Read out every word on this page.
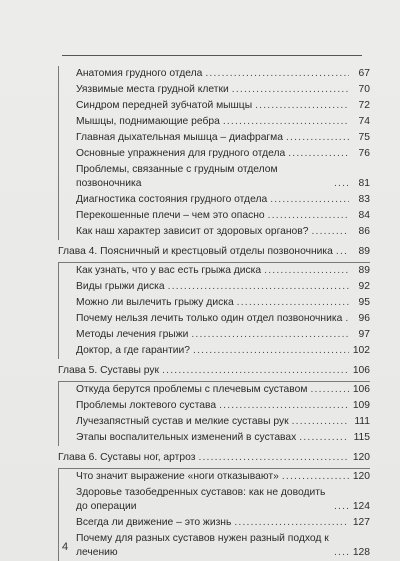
Анатомия грудного отдела .....	67
Уязвимые места грудной клетки .....	70
Синдром передней зубчатой мышцы .....	72
Мышцы, поднимающие ребра .....	74
Главная дыхательная мышца – диафрагма .....	75
Основные упражнения для грудного отдела .....	76
Проблемы, связанные с грудным отделом позвоночника .....	81
Диагностика состояния грудного отдела .....	83
Перекошенные плечи – чем это опасно .....	84
Как наш характер зависит от здоровых органов? .....	86
Глава 4. Поясничный и крестцовый отделы позвоночника .....	89
Как узнать, что у вас есть грыжа диска .....	89
Виды грыжи диска .....	92
Можно ли вылечить грыжу диска .....	95
Почему нельзя лечить только один отдел позвоночника .....	96
Методы лечения грыжи .....	97
Доктор, а где гарантии? .....	102
Глава 5. Суставы рук .....	106
Откуда берутся проблемы с плечевым суставом .....	106
Проблемы локтевого сустава .....	109
Лучезапястный сустав и мелкие суставы рук .....	111
Этапы воспалительных изменений в суставах .....	115
Глава 6. Суставы ног, артроз .....	120
Что значит выражение «ноги отказывают» .....	120
Здоровье тазобедренных суставов: как не доводить до операции .....	124
Всегда ли движение – это жизнь .....	127
Почему для разных суставов нужен разный подход к лечению .....	128
4
